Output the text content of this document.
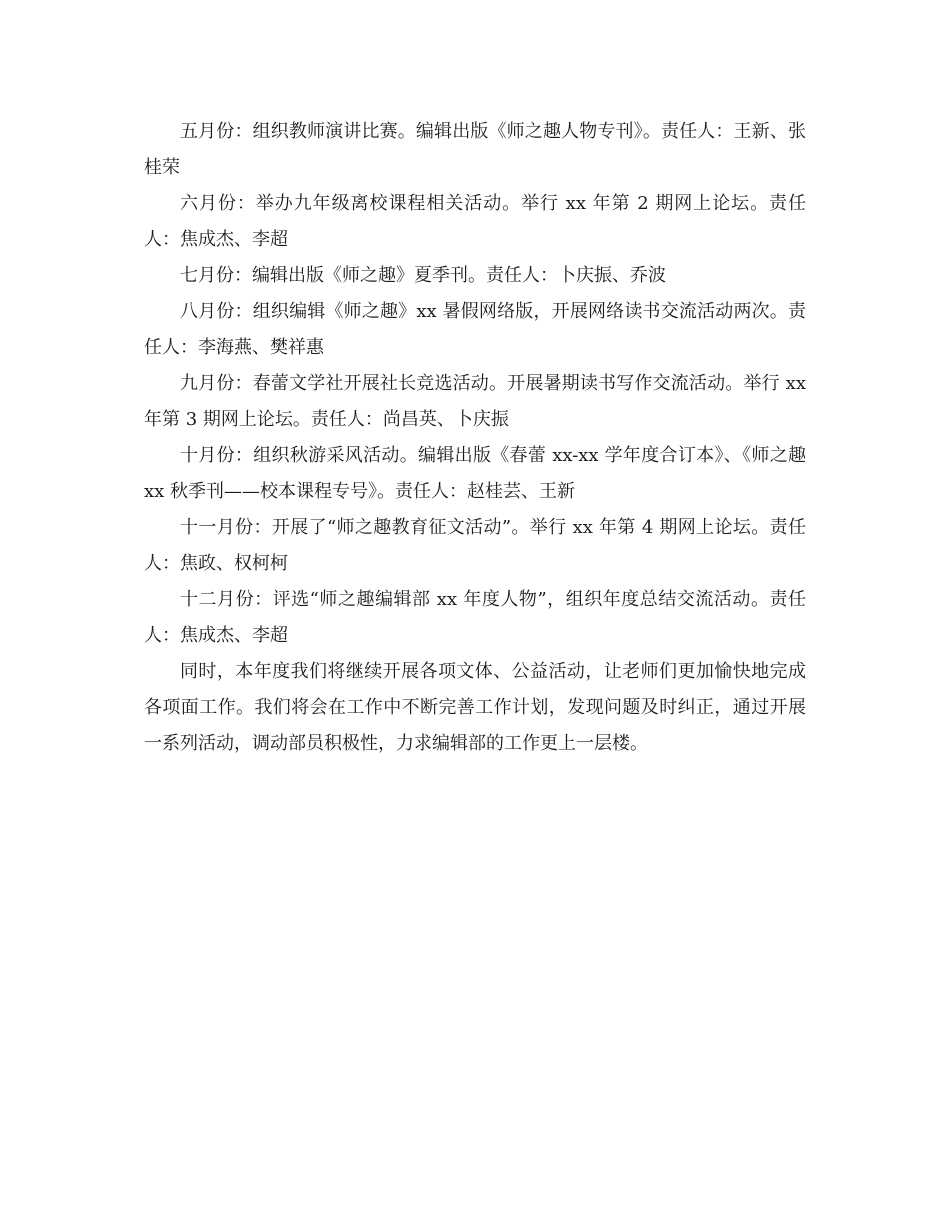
五月份：组织教师演讲比赛。编辑出版《师之趣人物专刊》。责任人：王新、张桂荣

六月份：举办九年级离校课程相关活动。举行 xx 年第 2 期网上论坛。责任人：焦成杰、李超

七月份：编辑出版《师之趣》夏季刊。责任人：卜庆振、乔波

八月份：组织编辑《师之趣》xx 暑假网络版，开展网络读书交流活动两次。责任人：李海燕、樊祥惠

九月份：春蕾文学社开展社长竞选活动。开展暑期读书写作交流活动。举行 xx 年第 3 期网上论坛。责任人：尚昌英、卜庆振

十月份：组织秋游采风活动。编辑出版《春蕾 xx-xx 学年度合订本》、《师之趣 xx 秋季刊——校本课程专号》。责任人：赵桂芸、王新

十一月份：开展了“师之趣教育征文活动”。举行 xx 年第 4 期网上论坛。责任人：焦政、权柯柯

十二月份：评选“师之趣编辑部 xx 年度人物”，组织年度总结交流活动。责任人：焦成杰、李超

同时，本年度我们将继续开展各项文体、公益活动，让老师们更加愉快地完成各项面工作。我们将会在工作中不断完善工作计划，发现问题及时纠正，通过开展一系列活动，调动部员积极性，力求编辑部的工作更上一层楼。
